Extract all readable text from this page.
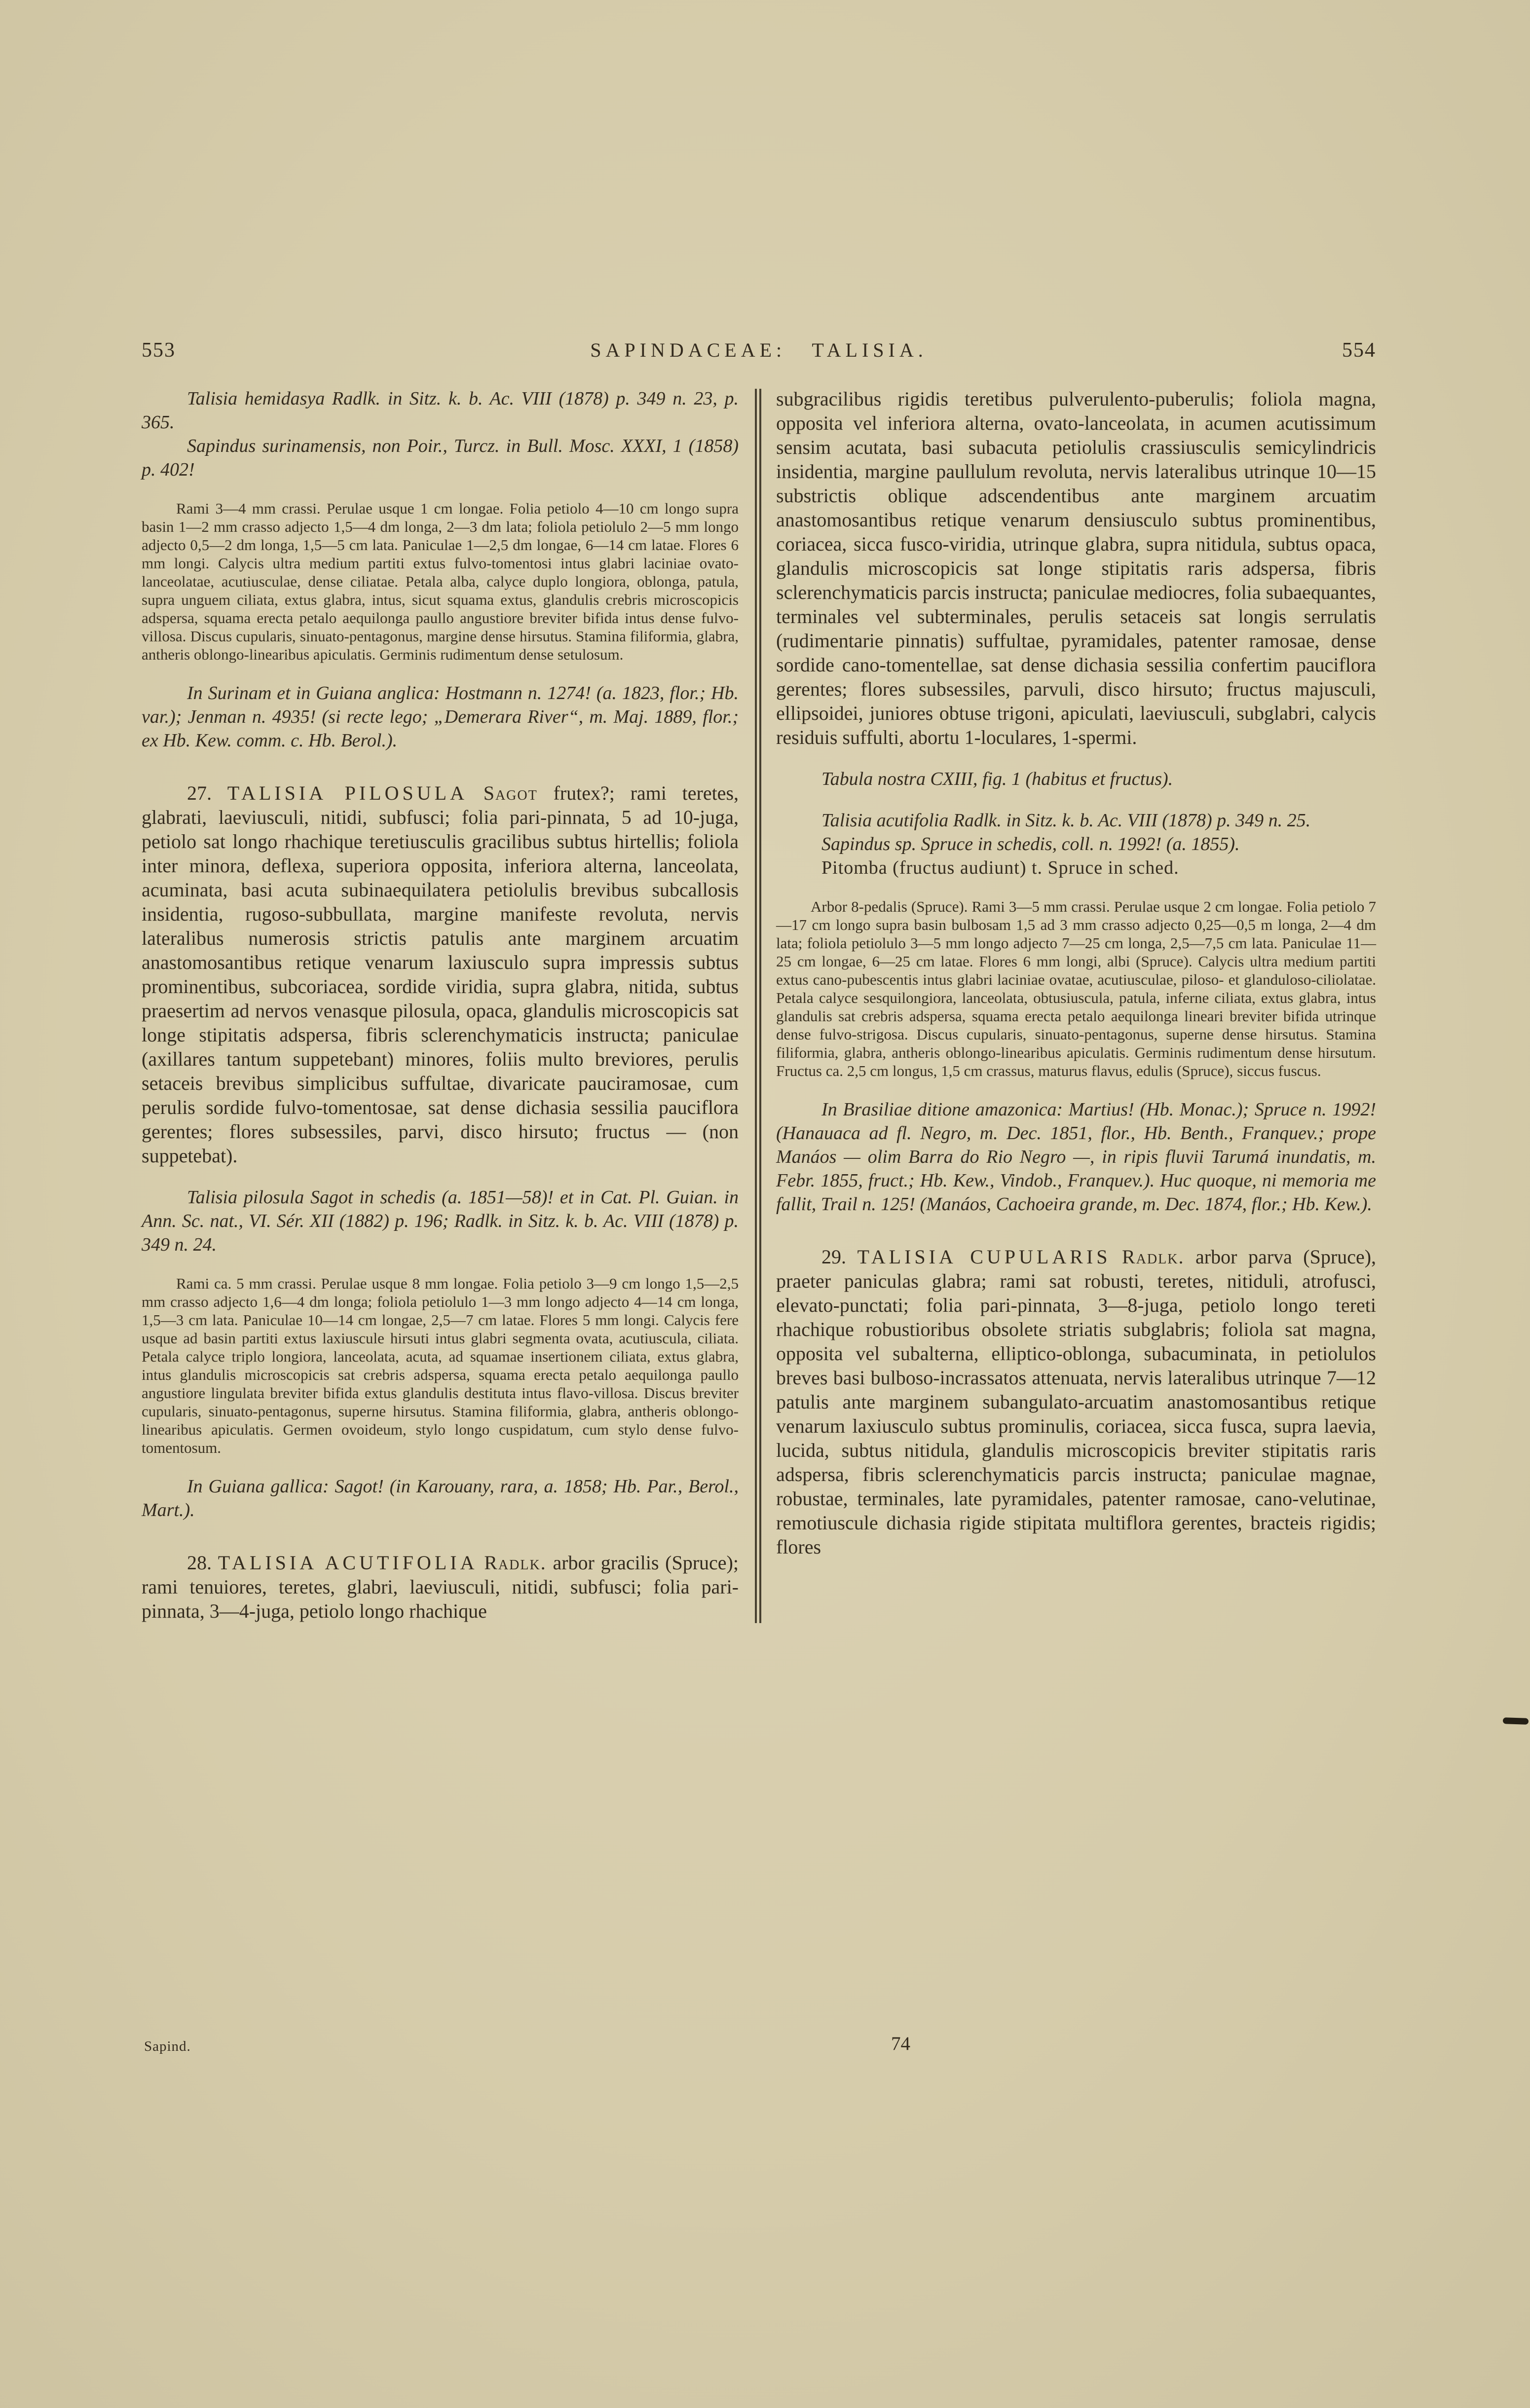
553	SAPINDACEAE: TALISIA.	554

Talisia hemidasya Radlk. in Sitz. k. b. Ac. VIII (1878) p. 349 n. 23, p. 365.

Sapindus surinamensis, non Poir., Turcz. in Bull. Mosc. XXXI, 1 (1858) p. 402!

Rami 3—4 mm crassi. Perulae usque 1 cm longae. Folia petiolo 4—10 cm longo supra basin 1—2 mm crasso adjecto 1,5—4 dm longa, 2—3 dm lata; foliola petiolulo 2—5 mm longo adjecto 0,5—2 dm longa, 1,5—5 cm lata. Paniculae 1—2,5 dm longae, 6—14 cm latae. Flores 6 mm longi. Calycis ultra medium partiti extus fulvo-tomentosi intus glabri laciniae ovato-lanceolatae, acutiusculae, dense ciliatae. Petala alba, calyce duplo longiora, oblonga, patula, supra unguem ciliata, extus glabra, intus, sicut squama extus, glandulis crebris microscopicis adspersa, squama erecta petalo aequilonga paullo angustiore breviter bifida intus dense fulvo-villosa. Discus cupularis, sinuato-pentagonus, margine dense hirsutus. Stamina filiformia, glabra, antheris oblongo-linearibus apiculatis. Germinis rudimentum dense setulosum.

In Surinam et in Guiana anglica: Hostmann n. 1274! (a. 1823, flor.; Hb. var.); Jenman n. 4935! (si recte lego; „Demerara River“, m. Maj. 1889, flor.; ex Hb. Kew. comm. c. Hb. Berol.).

27. TALISIA PILOSULA Sagot frutex?; rami teretes, glabrati, laeviusculi, nitidi, subfusci; folia pari-pinnata, 5 ad 10-juga, petiolo sat longo rhachique teretiusculis gracilibus subtus hirtellis; foliola inter minora, deflexa, superiora opposita, inferiora alterna, lanceolata, acuminata, basi acuta subinaequilatera petiolulis brevibus subcallosis insidentia, rugoso-subbullata, margine manifeste revoluta, nervis lateralibus numerosis strictis patulis ante marginem arcuatim anastomosantibus retique venarum laxiusculo supra impressis subtus prominentibus, subcoriacea, sordide viridia, supra glabra, nitida, subtus praesertim ad nervos venasque pilosula, opaca, glandulis microscopicis sat longe stipitatis adspersa, fibris sclerenchymaticis instructa; paniculae (axillares tantum suppetebant) minores, foliis multo breviores, perulis setaceis brevibus simplicibus suffultae, divaricate pauciramosae, cum perulis sordide fulvo-tomentosae, sat dense dichasia sessilia pauciflora gerentes; flores subsessiles, parvi, disco hirsuto; fructus — (non suppetebat).

Talisia pilosula Sagot in schedis (a. 1851—58)! et in Cat. Pl. Guian. in Ann. Sc. nat., VI. Sér. XII (1882) p. 196; Radlk. in Sitz. k. b. Ac. VIII (1878) p. 349 n. 24.

Rami ca. 5 mm crassi. Perulae usque 8 mm longae. Folia petiolo 3—9 cm longo 1,5—2,5 mm crasso adjecto 1,6—4 dm longa; foliola petiolulo 1—3 mm longo adjecto 4—14 cm longa, 1,5—3 cm lata. Paniculae 10—14 cm longae, 2,5—7 cm latae. Flores 5 mm longi. Calycis fere usque ad basin partiti extus laxiuscule hirsuti intus glabri segmenta ovata, acutiuscula, ciliata. Petala calyce triplo longiora, lanceolata, acuta, ad squamae insertionem ciliata, extus glabra, intus glandulis microscopicis sat crebris adspersa, squama erecta petalo aequilonga paullo angustiore lingulata breviter bifida extus glandulis destituta intus flavo-villosa. Discus breviter cupularis, sinuato-pentagonus, superne hirsutus. Stamina filiformia, glabra, antheris oblongo-linearibus apiculatis. Germen ovoideum, stylo longo cuspidatum, cum stylo dense fulvo-tomentosum.

In Guiana gallica: Sagot! (in Karouany, rara, a. 1858; Hb. Par., Berol., Mart.).

28. TALISIA ACUTIFOLIA Radlk. arbor gracilis (Spruce); rami tenuiores, teretes, glabri, laeviusculi, nitidi, subfusci; folia pari-pinnata, 3—4-juga, petiolo longo rhachique

subgracilibus rigidis teretibus pulverulento-puberulis; foliola magna, opposita vel inferiora alterna, ovato-lanceolata, in acumen acutissimum sensim acutata, basi subacuta petiolulis crassiusculis semicylindricis insidentia, margine paullulum revoluta, nervis lateralibus utrinque 10—15 substrictis oblique adscendentibus ante marginem arcuatim anastomosantibus retique venarum densiusculo subtus prominentibus, coriacea, sicca fusco-viridia, utrinque glabra, supra nitidula, subtus opaca, glandulis microscopicis sat longe stipitatis raris adspersa, fibris sclerenchymaticis parcis instructa; paniculae mediocres, folia subaequantes, terminales vel subterminales, perulis setaceis sat longis serrulatis (rudimentarie pinnatis) suffultae, pyramidales, patenter ramosae, dense sordide cano-tomentellae, sat dense dichasia sessilia confertim pauciflora gerentes; flores subsessiles, parvuli, disco hirsuto; fructus majusculi, ellipsoidei, juniores obtuse trigoni, apiculati, laeviusculi, subglabri, calycis residuis suffulti, abortu 1-loculares, 1-spermi.

Tabula nostra CXIII, fig. 1 (habitus et fructus).

Talisia acutifolia Radlk. in Sitz. k. b. Ac. VIII (1878) p. 349 n. 25.

Sapindus sp. Spruce in schedis, coll. n. 1992! (a. 1855).

Pitomba (fructus audiunt) t. Spruce in sched.

Arbor 8-pedalis (Spruce). Rami 3—5 mm crassi. Perulae usque 2 cm longae. Folia petiolo 7—17 cm longo supra basin bulbosam 1,5 ad 3 mm crasso adjecto 0,25—0,5 m longa, 2—4 dm lata; foliola petiolulo 3—5 mm longo adjecto 7—25 cm longa, 2,5—7,5 cm lata. Paniculae 11—25 cm longae, 6—25 cm latae. Flores 6 mm longi, albi (Spruce). Calycis ultra medium partiti extus cano-pubescentis intus glabri laciniae ovatae, acutiusculae, piloso- et glanduloso-ciliolatae. Petala calyce sesquilongiora, lanceolata, obtusiuscula, patula, inferne ciliata, extus glabra, intus glandulis sat crebris adspersa, squama erecta petalo aequilonga lineari breviter bifida utrinque dense fulvo-strigosa. Discus cupularis, sinuato-pentagonus, superne dense hirsutus. Stamina filiformia, glabra, antheris oblongo-linearibus apiculatis. Germinis rudimentum dense hirsutum. Fructus ca. 2,5 cm longus, 1,5 cm crassus, maturus flavus, edulis (Spruce), siccus fuscus.

In Brasiliae ditione amazonica: Martius! (Hb. Monac.); Spruce n. 1992! (Hanauaca ad fl. Negro, m. Dec. 1851, flor., Hb. Benth., Franquev.; prope Manáos — olim Barra do Rio Negro —, in ripis fluvii Tarumá inundatis, m. Febr. 1855, fruct.; Hb. Kew., Vindob., Franquev.). Huc quoque, ni memoria me fallit, Trail n. 125! (Manáos, Cachoeira grande, m. Dec. 1874, flor.; Hb. Kew.).

29. TALISIA CUPULARIS Radlk. arbor parva (Spruce), praeter paniculas glabra; rami sat robusti, teretes, nitiduli, atrofusci, elevato-punctati; folia pari-pinnata, 3—8-juga, petiolo longo tereti rhachique robustioribus obsolete striatis subglabris; foliola sat magna, opposita vel subalterna, elliptico-oblonga, subacuminata, in petiolulos breves basi bulboso-incrassatos attenuata, nervis lateralibus utrinque 7—12 patulis ante marginem subangulato-arcuatim anastomosantibus retique venarum laxiusculo subtus prominulis, coriacea, sicca fusca, supra laevia, lucida, subtus nitidula, glandulis microscopicis breviter stipitatis raris adspersa, fibris sclerenchymaticis parcis instructa; paniculae magnae, robustae, terminales, late pyramidales, patenter ramosae, cano-velutinae, remotiuscule dichasia rigide stipitata multiflora gerentes, bracteis rigidis; flores

Sapind.	74
